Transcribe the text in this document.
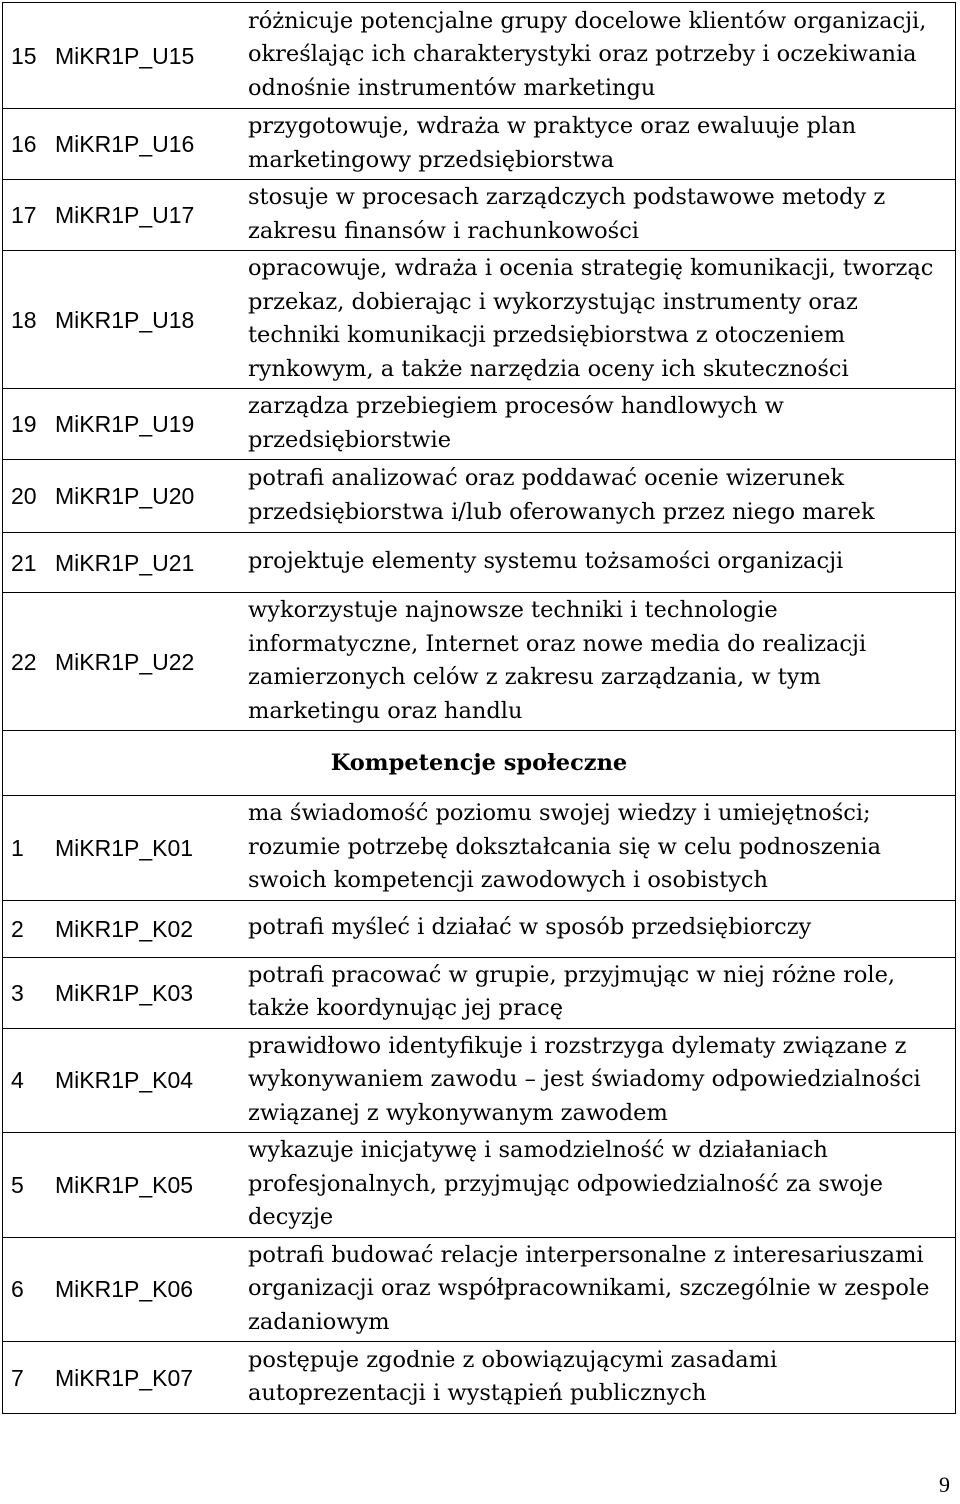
15 MiKR1P_U15	różnicuje potencjalne grupy docelowe klientów organizacji, określając ich charakterystyki oraz potrzeby i oczekiwania odnośnie instrumentów marketingu

16 MiKR1P_U16	przygotowuje, wdraża w praktyce oraz ewaluuje plan marketingowy przedsiębiorstwa

17 MiKR1P_U17	stosuje w procesach zarządczych podstawowe metody z zakresu finansów i rachunkowości

18 MiKR1P_U18	opracowuje, wdraża i ocenia strategię komunikacji, tworząc przekaz, dobierając i wykorzystując instrumenty oraz techniki komunikacji przedsiębiorstwa z otoczeniem rynkowym, a także narzędzia oceny ich skuteczności

19 MiKR1P_U19	zarządza przebiegiem procesów handlowych w przedsiębiorstwie

20 MiKR1P_U20	potrafi analizować oraz poddawać ocenie wizerunek przedsiębiorstwa i/lub oferowanych przez niego marek

21 MiKR1P_U21	projektuje elementy systemu tożsamości organizacji

22 MiKR1P_U22	wykorzystuje najnowsze techniki i technologie informatyczne, Internet oraz nowe media do realizacji zamierzonych celów z zakresu zarządzania, w tym marketingu oraz handlu

Kompetencje społeczne	

1 MiKR1P_K01	ma świadomość poziomu swojej wiedzy i umiejętności; rozumie potrzebę dokształcania się w celu podnoszenia swoich kompetencji zawodowych i osobistych

2 MiKR1P_K02	potrafi myśleć i działać w sposób przedsiębiorczy

3 MiKR1P_K03	potrafi pracować w grupie, przyjmując w niej różne role, także koordynując jej pracę

4 MiKR1P_K04	prawidłowo identyfikuje i rozstrzyga dylematy związane z wykonywaniem zawodu – jest świadomy odpowiedzialności związanej z wykonywanym zawodem

5 MiKR1P_K05	wykazuje inicjatywę i samodzielność w działaniach profesjonalnych, przyjmując odpowiedzialność za swoje decyzje

6 MiKR1P_K06	potrafi budować relacje interpersonalne z interesariuszami organizacji oraz współpracownikami, szczególnie w zespole zadaniowym

7 MiKR1P_K07	postępuje zgodnie z obowiązującymi zasadami autoprezentacji i wystąpień publicznych
9
